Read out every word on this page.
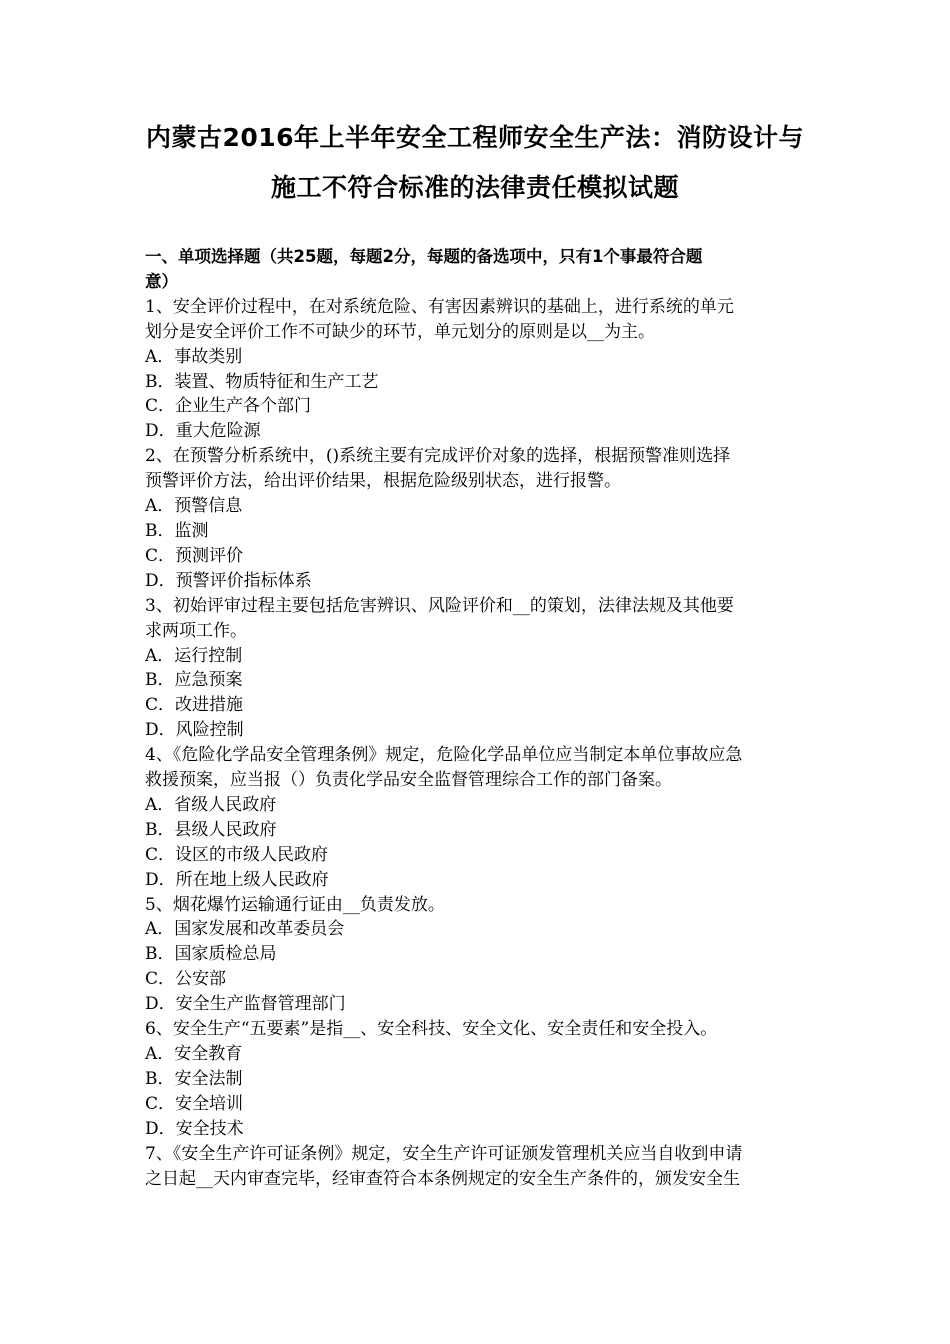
内蒙古2016年上半年安全工程师安全生产法：消防设计与
施工不符合标准的法律责任模拟试题
一、单项选择题（共25题，每题2分，每题的备选项中，只有1个事最符合题
意）
1、安全评价过程中，在对系统危险、有害因素辨识的基础上，进行系统的单元
划分是安全评价工作不可缺少的环节，单元划分的原则是以__为主。
A．事故类别
B．装置、物质特征和生产工艺
C．企业生产各个部门
D．重大危险源
2、在预警分析系统中，()系统主要有完成评价对象的选择，根据预警准则选择
预警评价方法，给出评价结果，根据危险级别状态，进行报警。
A．预警信息
B．监测
C．预测评价
D．预警评价指标体系
3、初始评审过程主要包括危害辨识、风险评价和__的策划，法律法规及其他要
求两项工作。
A．运行控制
B．应急预案
C．改进措施
D．风险控制
4、《危险化学品安全管理条例》规定，危险化学品单位应当制定本单位事故应急
救援预案，应当报（）负责化学品安全监督管理综合工作的部门备案。
A．省级人民政府
B．县级人民政府
C．设区的市级人民政府
D．所在地上级人民政府
5、烟花爆竹运输通行证由__负责发放。
A．国家发展和改革委员会
B．国家质检总局
C．公安部
D．安全生产监督管理部门
6、安全生产“五要素”是指__、安全科技、安全文化、安全责任和安全投入。
A．安全教育
B．安全法制
C．安全培训
D．安全技术
7、《安全生产许可证条例》规定，安全生产许可证颁发管理机关应当自收到申请
之日起__天内审查完毕，经审查符合本条例规定的安全生产条件的，颁发安全生
